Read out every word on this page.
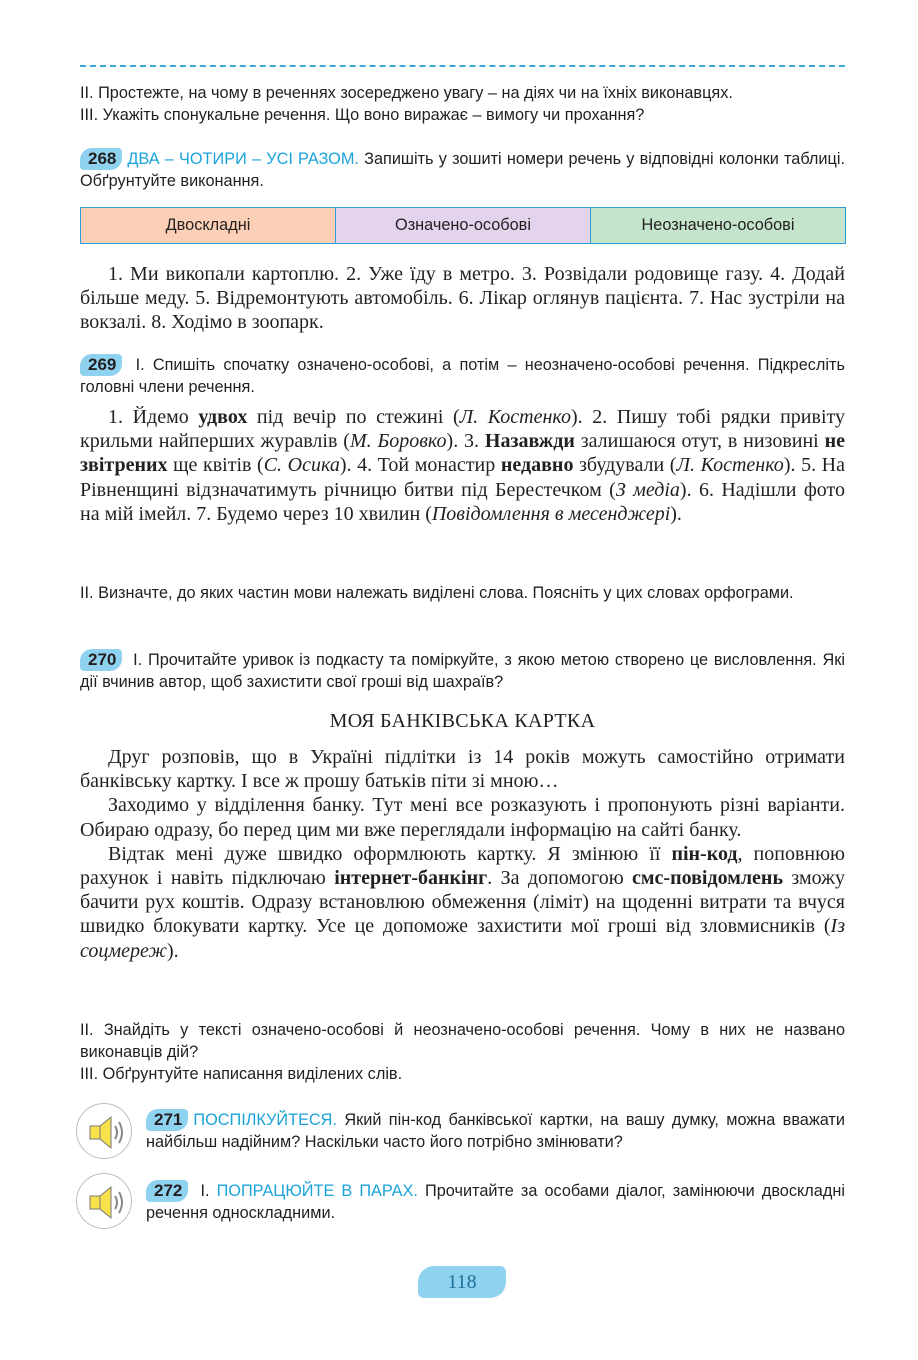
II. Простежте, на чому в реченнях зосереджено увагу – на діях чи на їхніх виконавцях.
III. Укажіть спонукальне речення. Що воно виражає – вимогу чи прохання?
268 ДВА – ЧОТИРИ – УСІ РАЗОМ. Запишіть у зошиті номери речень у відповідні колонки таблиці. Обґрунтуйте виконання.
Двоскладні	Означено-особові	Неозначено-особові
1. Ми викопали картоплю. 2. Уже їду в метро. 3. Розвідали родовище газу. 4. Додай більше меду. 5. Відремонтують автомобіль. 6. Лікар оглянув пацієнта. 7. Нас зустріли на вокзалі. 8. Ходімо в зоопарк.
269 I. Спишіть спочатку означено-особові, а потім – неозначено-особові речення. Підкресліть головні члени речення.
1. Йдемо удвох під вечір по стежині (Л. Костенко). 2. Пишу тобі рядки привіту крильми найперших журавлів (М. Боровко). 3. Назавжди залишаюся отут, в низовині не звітрених ще квітів (С. Осика). 4. Той монастир недавно збудували (Л. Костенко). 5. На Рівненщині відзначатимуть річницю битви під Берестечком (З медіа). 6. Надішли фото на мій імейл. 7. Будемо через 10 хвилин (Повідомлення в месенджері).
II. Визначте, до яких частин мови належать виділені слова. Поясніть у цих словах орфограми.
270 I. Прочитайте уривок із подкасту та поміркуйте, з якою метою створено це висловлення. Які дії вчинив автор, щоб захистити свої гроші від шахраїв?
МОЯ БАНКІВСЬКА КАРТКА
Друг розповів, що в Україні підлітки із 14 років можуть самостійно отримати банківську картку. І все ж прошу батьків піти зі мною…
Заходимо у відділення банку. Тут мені все розказують і пропонують різні варіанти. Обираю одразу, бо перед цим ми вже переглядали інформацію на сайті банку.
Відтак мені дуже швидко оформлюють картку. Я змінюю її пін-код, поповнюю рахунок і навіть підключаю інтернет-банкінг. За допомогою смс-повідомлень зможу бачити рух коштів. Одразу встановлюю обмеження (ліміт) на щоденні витрати та вчуся швидко блокувати картку. Усе це допоможе захистити мої гроші від зловмисників (Із соцмереж).
II. Знайдіть у тексті означено-особові й неозначено-особові речення. Чому в них не названо виконавців дій?
III. Обґрунтуйте написання виділених слів.
271 ПОСПІЛКУЙТЕСЯ. Який пін-код банківської картки, на вашу думку, можна вважати найбільш надійним? Наскільки часто його потрібно змінювати?
272 I. ПОПРАЦЮЙТЕ В ПАРАХ. Прочитайте за особами діалог, замінюючи двоскладні речення односкладними.
118
